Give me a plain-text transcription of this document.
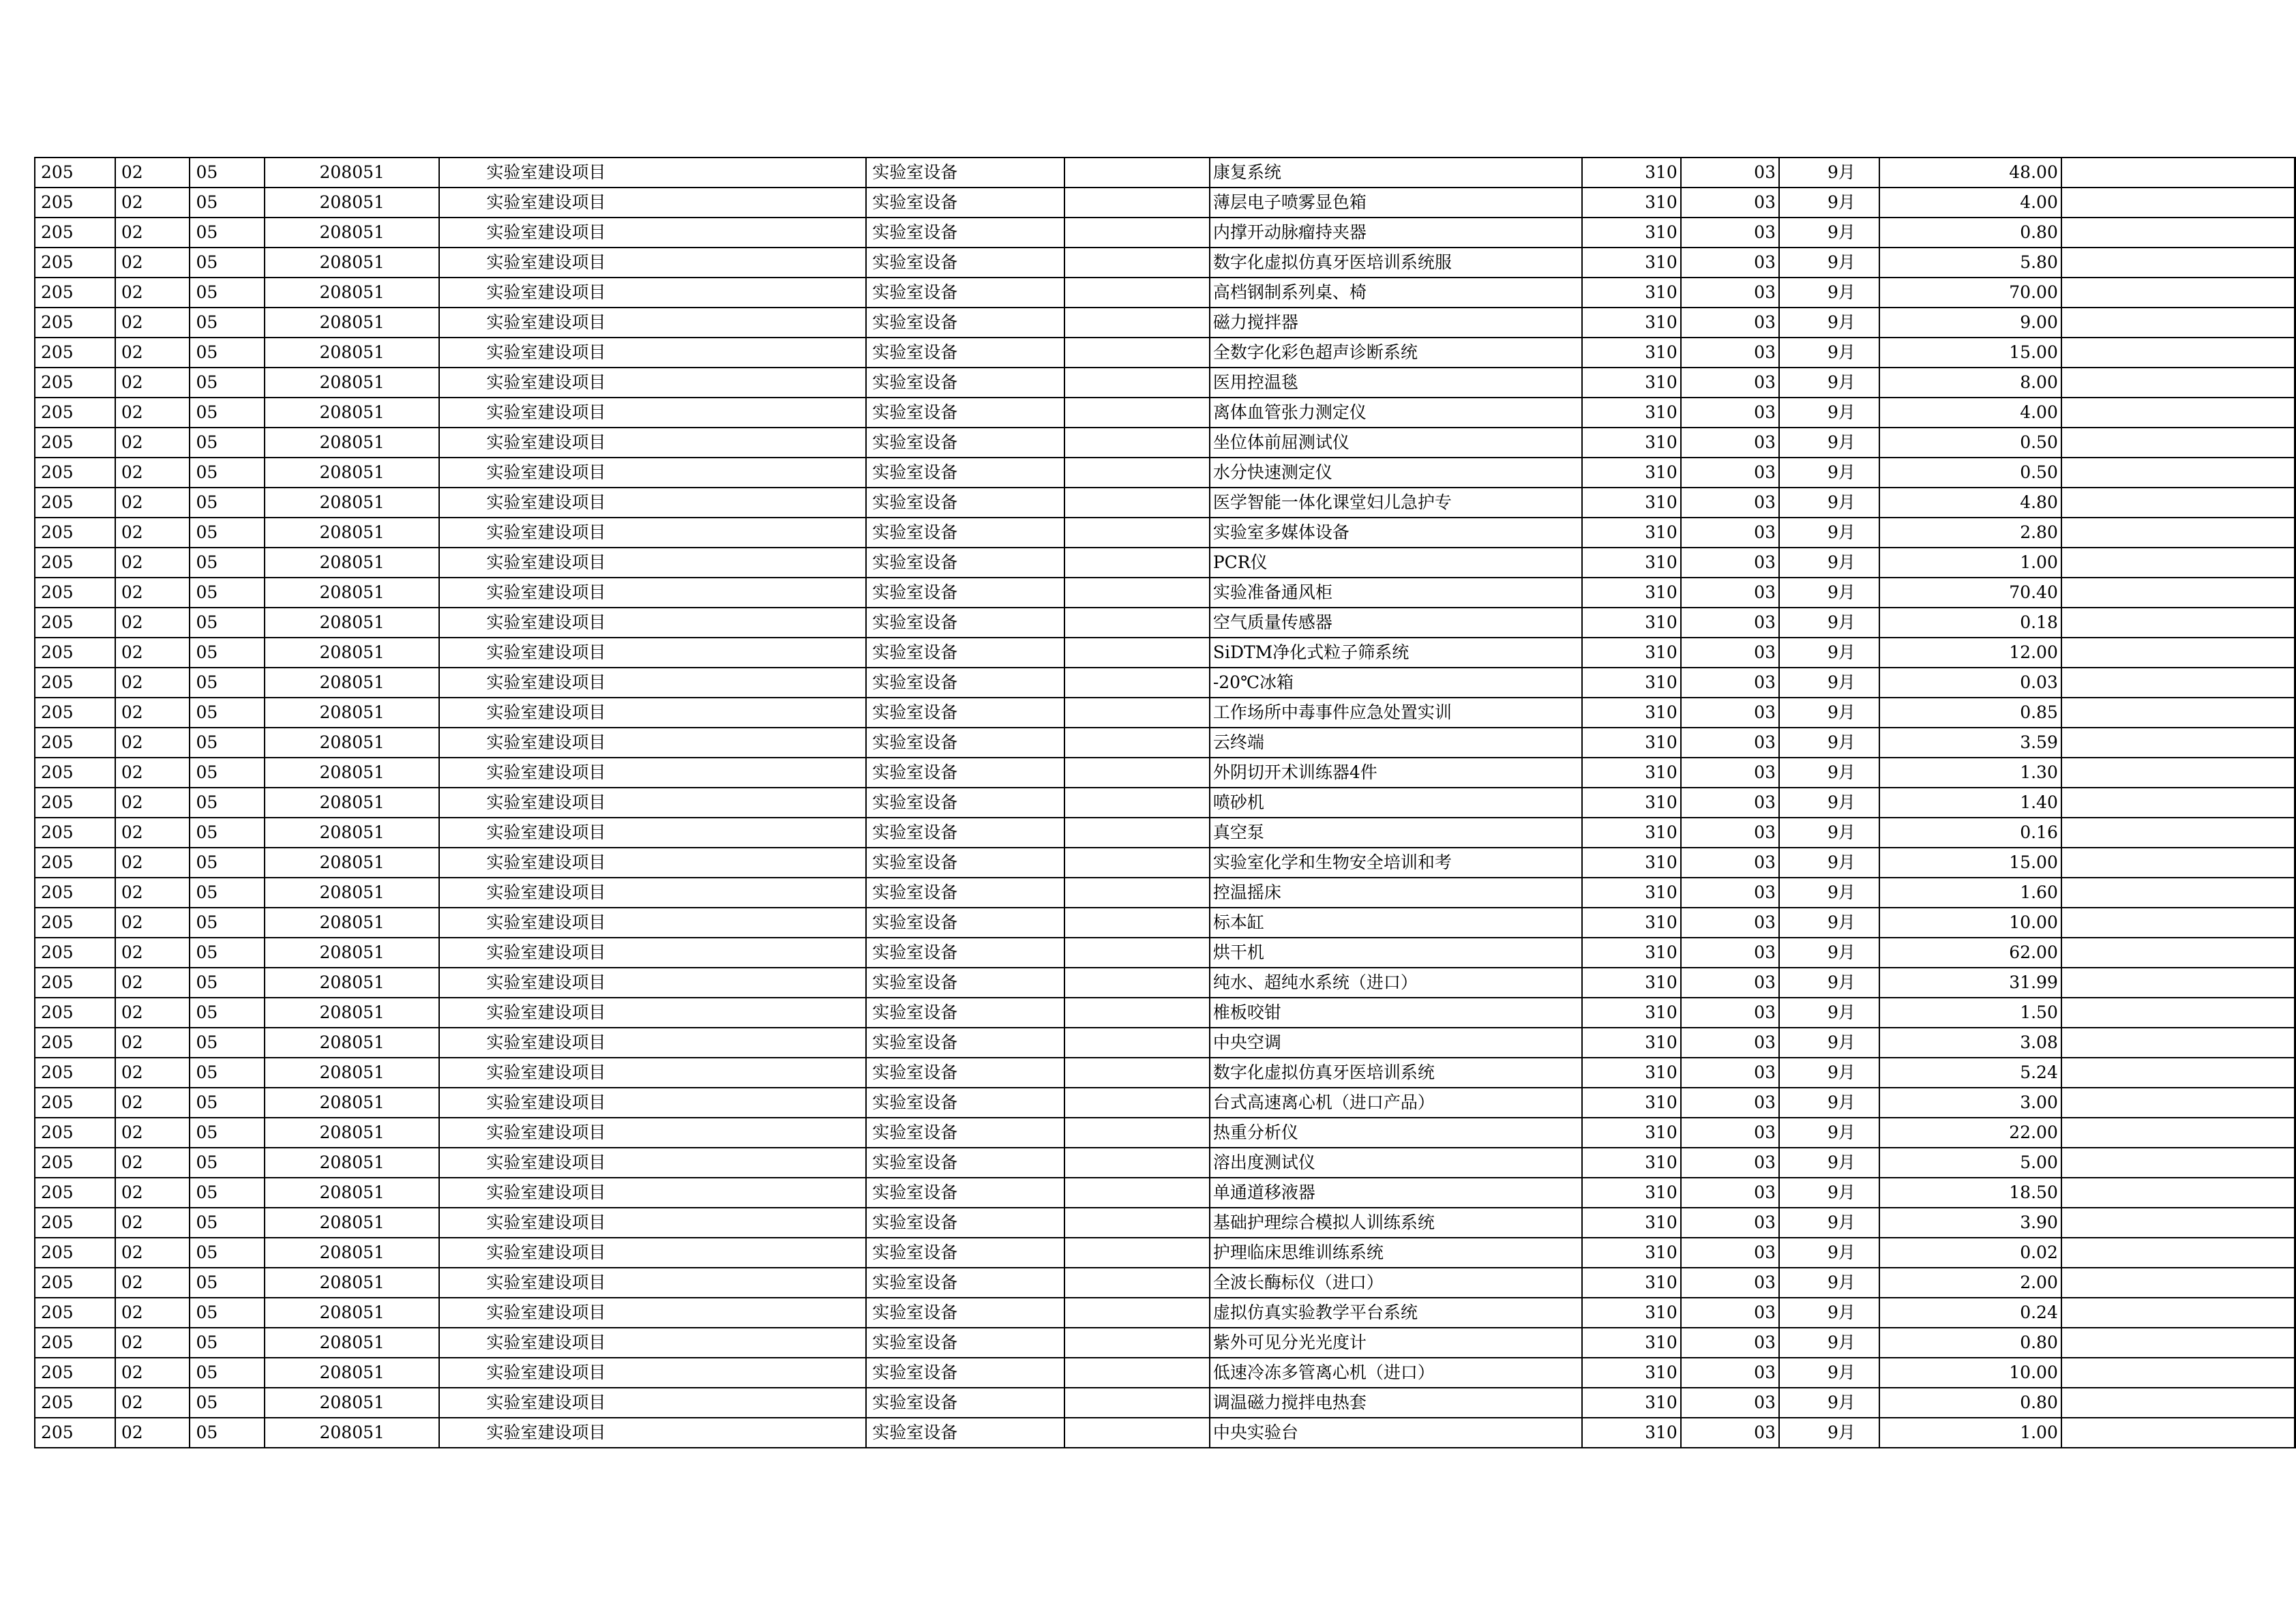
205	02	05	208051	实验室建设项目	实验室设备		康复系统		310	03	9月	48.00	
205	02	05	208051	实验室建设项目	实验室设备		薄层电子喷雾显色箱		310	03	9月	4.00	
205	02	05	208051	实验室建设项目	实验室设备		内撑开动脉瘤持夹器		310	03	9月	0.80	
205	02	05	208051	实验室建设项目	实验室设备		数字化虚拟仿真牙医培训系统服		310	03	9月	5.80	
205	02	05	208051	实验室建设项目	实验室设备		高档钢制系列桌、椅		310	03	9月	70.00	
205	02	05	208051	实验室建设项目	实验室设备		磁力搅拌器		310	03	9月	9.00	
205	02	05	208051	实验室建设项目	实验室设备		全数字化彩色超声诊断系统		310	03	9月	15.00	
205	02	05	208051	实验室建设项目	实验室设备		医用控温毯		310	03	9月	8.00	
205	02	05	208051	实验室建设项目	实验室设备		离体血管张力测定仪		310	03	9月	4.00	
205	02	05	208051	实验室建设项目	实验室设备		坐位体前屈测试仪		310	03	9月	0.50	
205	02	05	208051	实验室建设项目	实验室设备		水分快速测定仪		310	03	9月	0.50	
205	02	05	208051	实验室建设项目	实验室设备		医学智能一体化课堂妇儿急护专		310	03	9月	4.80	
205	02	05	208051	实验室建设项目	实验室设备		实验室多媒体设备		310	03	9月	2.80	
205	02	05	208051	实验室建设项目	实验室设备		PCR仪		310	03	9月	1.00	
205	02	05	208051	实验室建设项目	实验室设备		实验准备通风柜		310	03	9月	70.40	
205	02	05	208051	实验室建设项目	实验室设备		空气质量传感器		310	03	9月	0.18	
205	02	05	208051	实验室建设项目	实验室设备		SiDTM净化式粒子筛系统		310	03	9月	12.00	
205	02	05	208051	实验室建设项目	实验室设备		-20℃冰箱		310	03	9月	0.03	
205	02	05	208051	实验室建设项目	实验室设备		工作场所中毒事件应急处置实训		310	03	9月	0.85	
205	02	05	208051	实验室建设项目	实验室设备		云终端		310	03	9月	3.59	
205	02	05	208051	实验室建设项目	实验室设备		外阴切开术训练器4件		310	03	9月	1.30	
205	02	05	208051	实验室建设项目	实验室设备		喷砂机		310	03	9月	1.40	
205	02	05	208051	实验室建设项目	实验室设备		真空泵		310	03	9月	0.16	
205	02	05	208051	实验室建设项目	实验室设备		实验室化学和生物安全培训和考		310	03	9月	15.00	
205	02	05	208051	实验室建设项目	实验室设备		控温摇床		310	03	9月	1.60	
205	02	05	208051	实验室建设项目	实验室设备		标本缸		310	03	9月	10.00	
205	02	05	208051	实验室建设项目	实验室设备		烘干机		310	03	9月	62.00	
205	02	05	208051	实验室建设项目	实验室设备		纯水、超纯水系统（进口）		310	03	9月	31.99	
205	02	05	208051	实验室建设项目	实验室设备		椎板咬钳		310	03	9月	1.50	
205	02	05	208051	实验室建设项目	实验室设备		中央空调		310	03	9月	3.08	
205	02	05	208051	实验室建设项目	实验室设备		数字化虚拟仿真牙医培训系统		310	03	9月	5.24	
205	02	05	208051	实验室建设项目	实验室设备		台式高速离心机（进口产品）		310	03	9月	3.00	
205	02	05	208051	实验室建设项目	实验室设备		热重分析仪		310	03	9月	22.00	
205	02	05	208051	实验室建设项目	实验室设备		溶出度测试仪		310	03	9月	5.00	
205	02	05	208051	实验室建设项目	实验室设备		单通道移液器		310	03	9月	18.50	
205	02	05	208051	实验室建设项目	实验室设备		基础护理综合模拟人训练系统		310	03	9月	3.90	
205	02	05	208051	实验室建设项目	实验室设备		护理临床思维训练系统		310	03	9月	0.02	
205	02	05	208051	实验室建设项目	实验室设备		全波长酶标仪（进口）		310	03	9月	2.00	
205	02	05	208051	实验室建设项目	实验室设备		虚拟仿真实验教学平台系统		310	03	9月	0.24	
205	02	05	208051	实验室建设项目	实验室设备		紫外可见分光光度计		310	03	9月	0.80	
205	02	05	208051	实验室建设项目	实验室设备		低速冷冻多管离心机（进口）		310	03	9月	10.00	
205	02	05	208051	实验室建设项目	实验室设备		调温磁力搅拌电热套		310	03	9月	0.80	
205	02	05	208051	实验室建设项目	实验室设备		中央实验台		310	03	9月	1.00	
